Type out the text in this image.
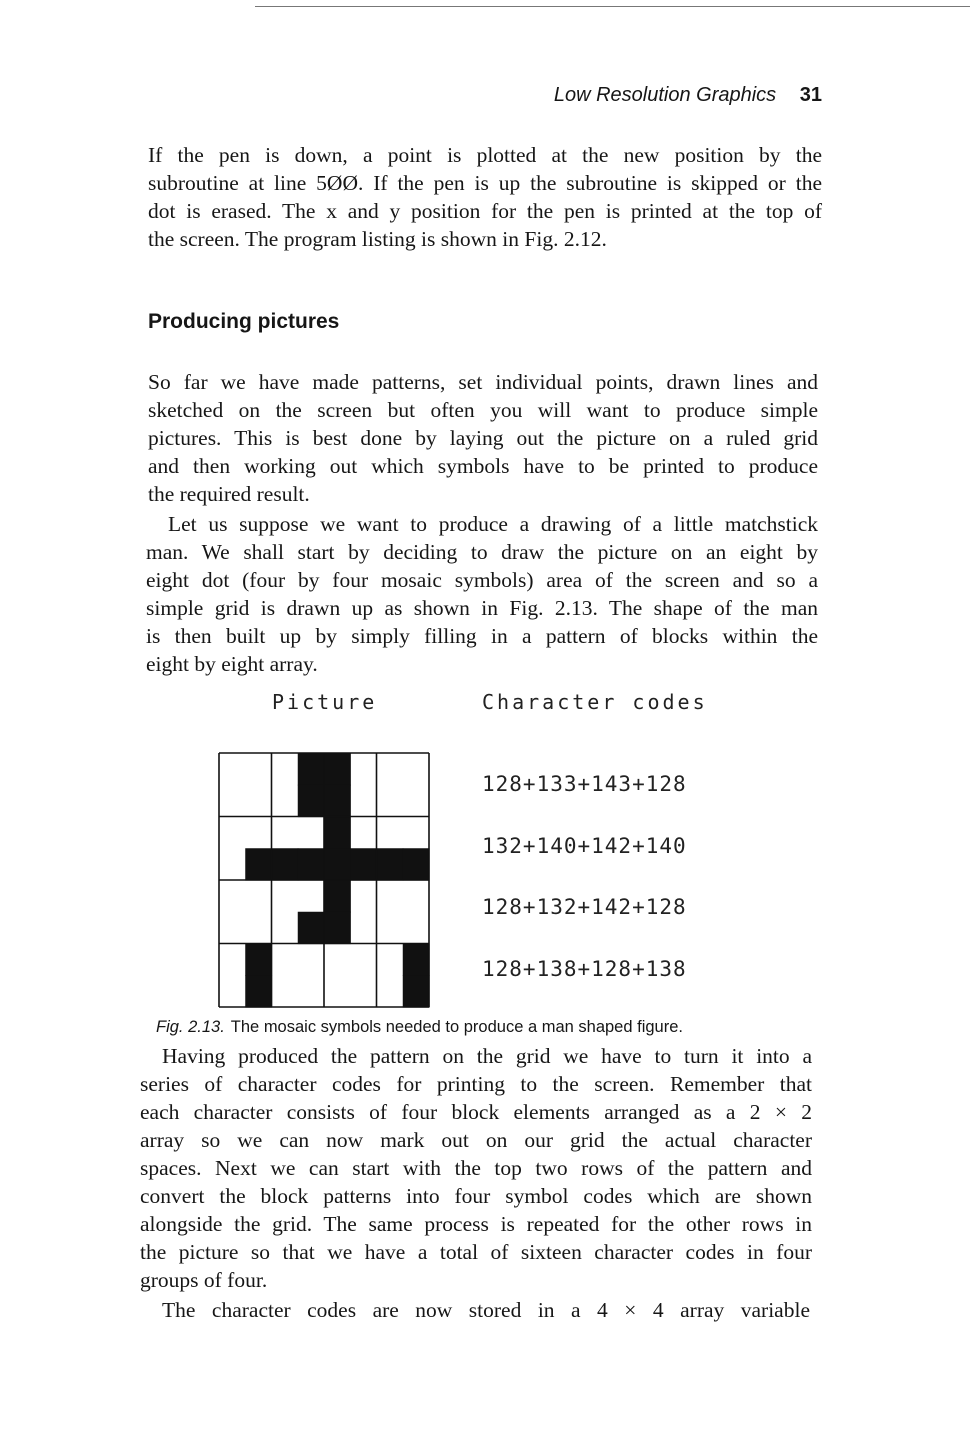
Low Resolution Graphics 31
If the pen is down, a point is plotted at the new position by the
subroutine at line 5ØØ. If the pen is up the subroutine is skipped or the
dot is erased. The x and y position for the pen is printed at the top of
the screen. The program listing is shown in Fig. 2.12.
Producing pictures
So far we have made patterns, set individual points, drawn lines and
sketched on the screen but often you will want to produce simple
pictures. This is best done by laying out the picture on a ruled grid
and then working out which symbols have to be printed to produce
the required result.
Let us suppose we want to produce a drawing of a little matchstick
man. We shall start by deciding to draw the picture on an eight by
eight dot (four by four mosaic symbols) area of the screen and so a
simple grid is drawn up as shown in Fig. 2.13. The shape of the man
is then built up by simply filling in a pattern of blocks within the
eight by eight array.
Picture	Character codes
128+133+143+128
132+140+142+140
128+132+142+128
128+138+128+138
Fig. 2.13. The mosaic symbols needed to produce a man shaped figure.
Having produced the pattern on the grid we have to turn it into a
series of character codes for printing to the screen. Remember that
each character consists of four block elements arranged as a 2 × 2
array so we can now mark out on our grid the actual character
spaces. Next we can start with the top two rows of the pattern and
convert the block patterns into four symbol codes which are shown
alongside the grid. The same process is repeated for the other rows in
the picture so that we have a total of sixteen character codes in four
groups of four.
The character codes are now stored in a 4 × 4 array variable
